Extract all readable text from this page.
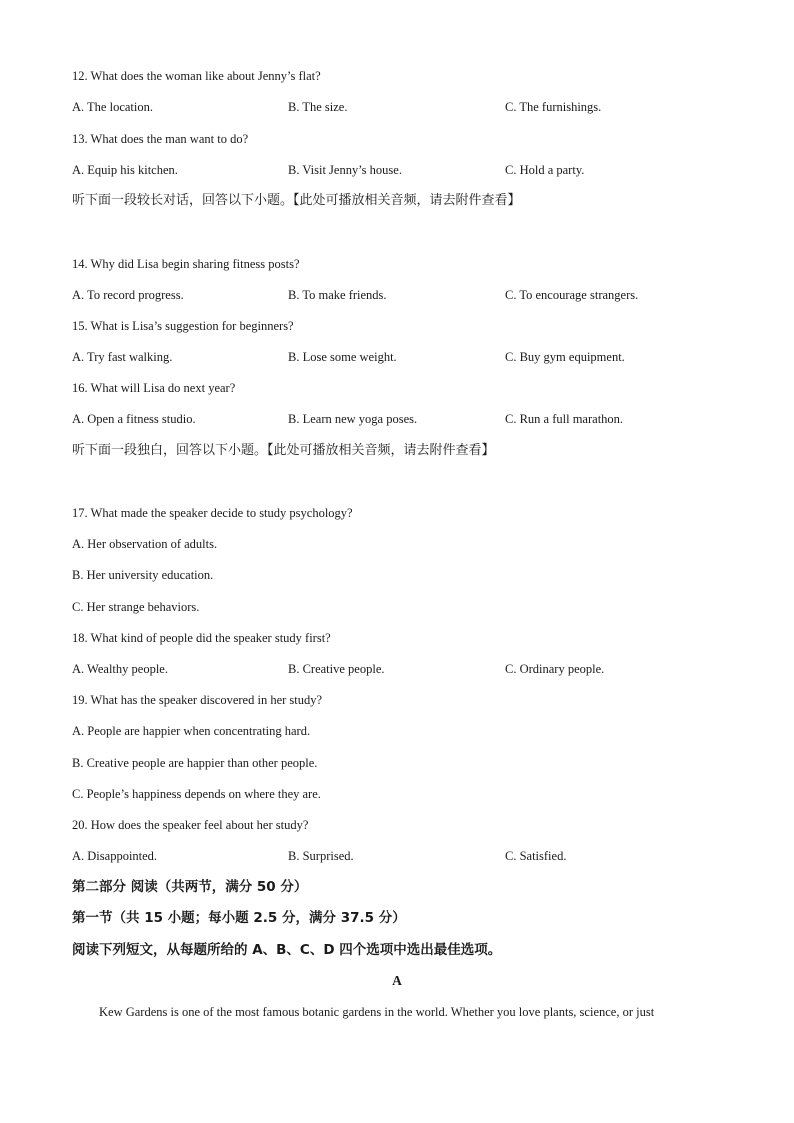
12. What does the woman like about Jenny’s flat?
A. The location.	B. The size.	C. The furnishings.
13. What does the man want to do?
A. Equip his kitchen.	B. Visit Jenny’s house.	C. Hold a party.
听下面一段较长对话，回答以下小题。【此处可播放相关音频，请去附件查看】
14. Why did Lisa begin sharing fitness posts?
A. To record progress.	B. To make friends.	C. To encourage strangers.
15. What is Lisa’s suggestion for beginners?
A. Try fast walking.	B. Lose some weight.	C. Buy gym equipment.
16. What will Lisa do next year?
A. Open a fitness studio.	B. Learn new yoga poses.	C. Run a full marathon.
听下面一段独白，回答以下小题。【此处可播放相关音频，请去附件查看】
17. What made the speaker decide to study psychology?
A. Her observation of adults.
B. Her university education.
C. Her strange behaviors.
18. What kind of people did the speaker study first?
A. Wealthy people.	B. Creative people.	C. Ordinary people.
19. What has the speaker discovered in her study?
A. People are happier when concentrating hard.
B. Creative people are happier than other people.
C. People’s happiness depends on where they are.
20. How does the speaker feel about her study?
A. Disappointed.	B. Surprised.	C. Satisfied.
第二部分 阅读（共两节，满分 50 分）
第一节（共 15 小题；每小题 2.5 分，满分 37.5 分）
阅读下列短文，从每题所给的 A、B、C、D 四个选项中选出最佳选项。
A
Kew Gardens is one of the most famous botanic gardens in the world. Whether you love plants, science, or just
